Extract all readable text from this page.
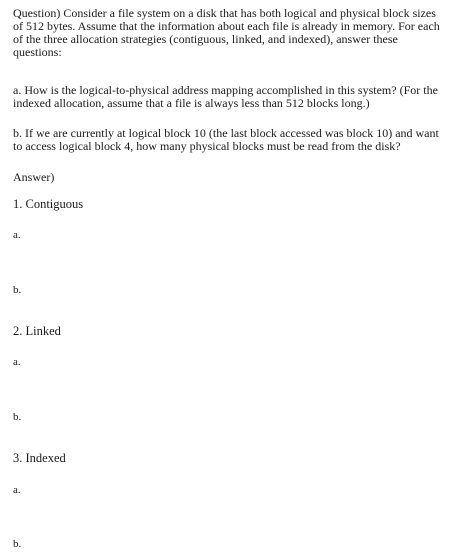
Question) Consider a file system on a disk that has both logical and physical block sizes

of 512 bytes. Assume that the information about each file is already in memory. For each

of the three allocation strategies (contiguous, linked, and indexed), answer these

questions:

a. How is the logical-to-physical address mapping accomplished in this system? (For the

indexed allocation, assume that a file is always less than 512 blocks long.)

b. If we are currently at logical block 10 (the last block accessed was block 10) and want

to access logical block 4, how many physical blocks must be read from the disk?

Answer)

1. Contiguous

a.

b.

2. Linked

a.

b.

3. Indexed

a.

b.
